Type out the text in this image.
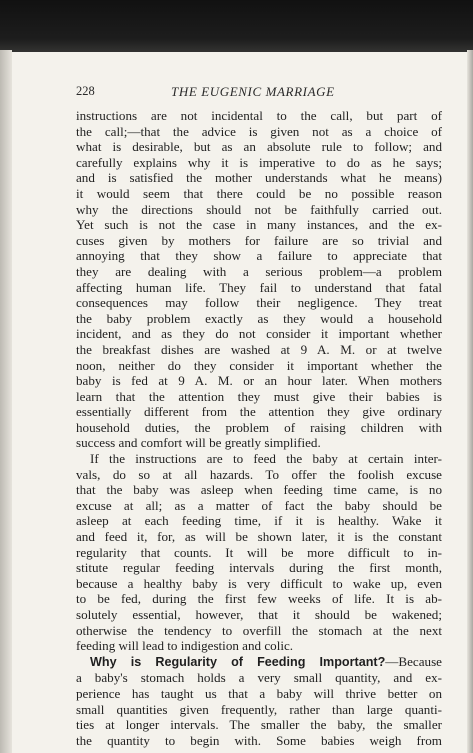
228	THE EUGENIC MARRIAGE
instructions are not incidental to the call, but part of
the call;—that the advice is given not as a choice of
what is desirable, but as an absolute rule to follow; and
carefully explains why it is imperative to do as he says;
and is satisfied the mother understands what he means)
it would seem that there could be no possible reason
why the directions should not be faithfully carried out.
Yet such is not the case in many instances, and the ex-
cuses given by mothers for failure are so trivial and
annoying that they show a failure to appreciate that
they are dealing with a serious problem—a problem
affecting human life. They fail to understand that fatal
consequences may follow their negligence. They treat
the baby problem exactly as they would a household
incident, and as they do not consider it important whether
the breakfast dishes are washed at 9 A. M. or at twelve
noon, neither do they consider it important whether the
baby is fed at 9 A. M. or an hour later. When mothers
learn that the attention they must give their babies is
essentially different from the attention they give ordinary
household duties, the problem of raising children with
success and comfort will be greatly simplified.
If the instructions are to feed the baby at certain inter-
vals, do so at all hazards. To offer the foolish excuse
that the baby was asleep when feeding time came, is no
excuse at all; as a matter of fact the baby should be
asleep at each feeding time, if it is healthy. Wake it
and feed it, for, as will be shown later, it is the constant
regularity that counts. It will be more difficult to in-
stitute regular feeding intervals during the first month,
because a healthy baby is very difficult to wake up, even
to be fed, during the first few weeks of life. It is ab-
solutely essential, however, that it should be wakened;
otherwise the tendency to overfill the stomach at the next
feeding will lead to indigestion and colic.
Why is Regularity of Feeding Important?—Because
a baby's stomach holds a very small quantity, and ex-
perience has taught us that a baby will thrive better on
small quantities given frequently, rather than large quanti-
ties at longer intervals. The smaller the baby, the smaller
the quantity to begin with. Some babies weigh from
